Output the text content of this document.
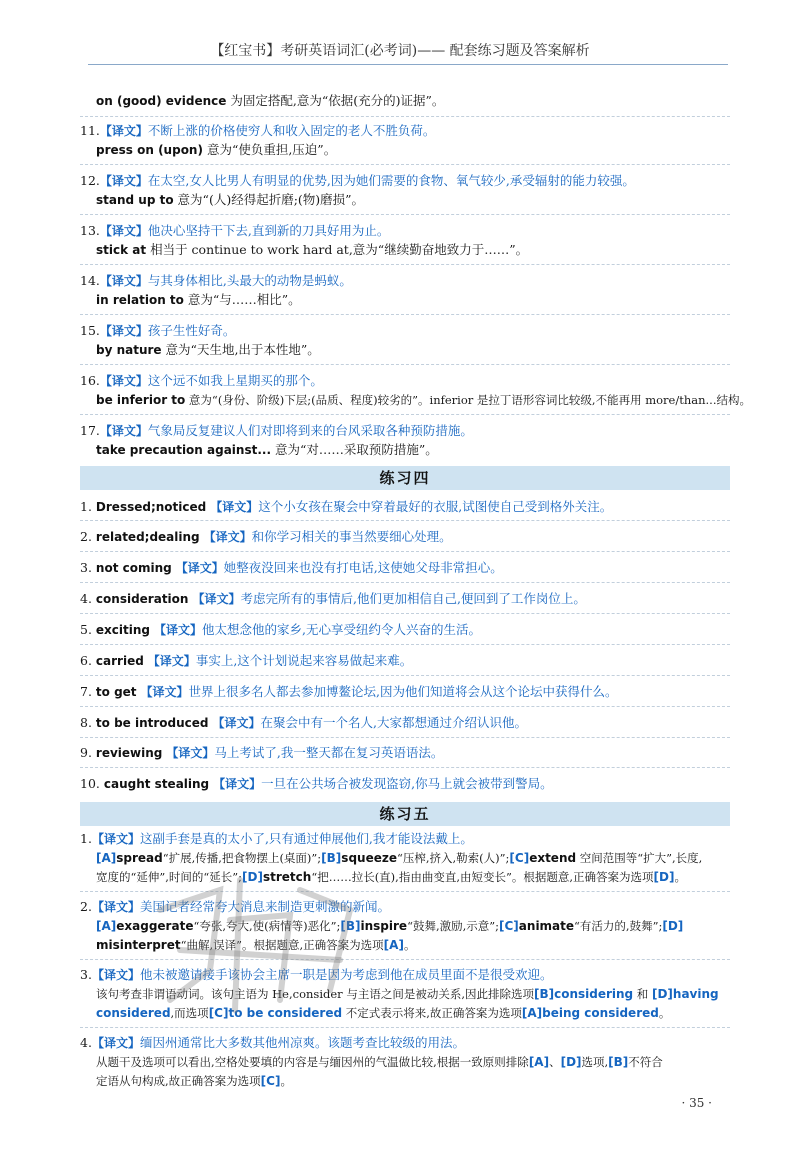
【红宝书】考研英语词汇(必考词)—— 配套练习题及答案解析
on (good) evidence 为固定搭配,意为“依据(充分的)证据”。
11.【译文】不断上涨的价格使穷人和收入固定的老人不胜负荷。
press on (upon) 意为“使负重担,压迫”。
12.【译文】在太空,女人比男人有明显的优势,因为她们需要的食物、氧气较少,承受辐射的能力较强。
stand up to 意为“(人)经得起折磨;(物)磨损”。
13.【译文】他决心坚持干下去,直到新的刀具好用为止。
stick at 相当于 continue to work hard at,意为“继续勤奋地致力于……”。
14.【译文】与其身体相比,头最大的动物是蚂蚁。
in relation to 意为“与……相比”。
15.【译文】孩子生性好奇。
by nature 意为“天生地,出于本性地”。
16.【译文】这个远不如我上星期买的那个。
be inferior to 意为“(身份、阶级)下层;(品质、程度)较劣的”。inferior 是拉丁语形容词比较级,不能再用 more/than...结构。
17.【译文】气象局反复建议人们对即将到来的台风采取各种预防措施。
take precaution against... 意为“对……采取预防措施”。
练习四
1. Dressed;noticed 【译文】这个小女孩在聚会中穿着最好的衣服,试图使自己受到格外关注。
2. related;dealing 【译文】和你学习相关的事当然要细心处理。
3. not coming 【译文】她整夜没回来也没有打电话,这使她父母非常担心。
4. consideration 【译文】考虑完所有的事情后,他们更加相信自己,便回到了工作岗位上。
5. exciting 【译文】他太想念他的家乡,无心享受纽约令人兴奋的生活。
6. carried 【译文】事实上,这个计划说起来容易做起来难。
7. to get 【译文】世界上很多名人都去参加博鳌论坛,因为他们知道将会从这个论坛中获得什么。
8. to be introduced 【译文】在聚会中有一个名人,大家都想通过介绍认识他。
9. reviewing 【译文】马上考试了,我一整天都在复习英语语法。
10. caught stealing 【译文】一旦在公共场合被发现盗窃,你马上就会被带到警局。
练习五
1.【译文】这副手套是真的太小了,只有通过伸展他们,我才能设法戴上。
[A]spread“扩展,传播,把食物摆上(桌面)”;[B]squeeze“压榨,挤入,勒索(人)”;[C]extend 空间范围等“扩大”,长度,
宽度的“延伸”,时间的“延长”;[D]stretch“把……拉长(直),指由曲变直,由短变长”。根据题意,正确答案为选项[D]。
2.【译文】美国记者经常夸大消息来制造更刺激的新闻。
[A]exaggerate“夸张,夸大,使(病情等)恶化”;[B]inspire“鼓舞,激励,示意”;[C]animate“有活力的,鼓舞”;[D]
misinterpret“曲解,误译”。根据题意,正确答案为选项[A]。
3.【译文】他未被邀请接手该协会主席一职是因为考虑到他在成员里面不是很受欢迎。
该句考查非谓语动词。该句主语为 He,consider 与主语之间是被动关系,因此排除选项[B]considering 和 [D]having
considered,而选项[C]to be considered 不定式表示将来,故正确答案为选项[A]being considered。
4.【译文】缅因州通常比大多数其他州凉爽。该题考查比较级的用法。
从题干及选项可以看出,空格处要填的内容是与缅因州的气温做比较,根据一致原则排除[A]、[D]选项,[B]不符合
定语从句构成,故正确答案为选项[C]。
· 35 ·
